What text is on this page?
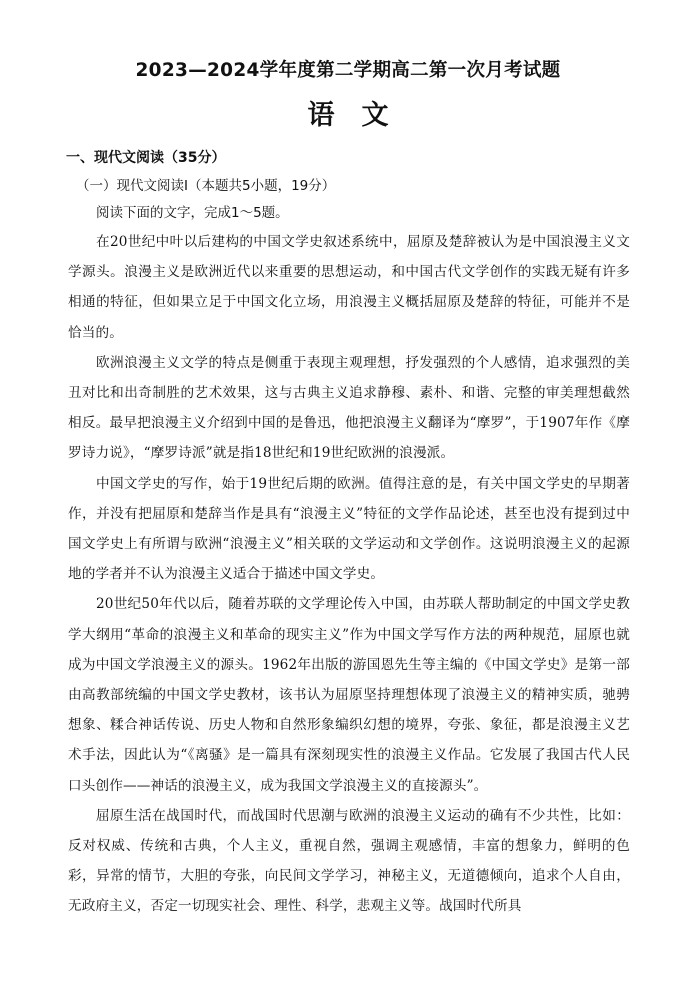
2023—2024学年度第二学期高二第一次月考试题
语　文
一、现代文阅读（35分）
（一）现代文阅读Ⅰ（本题共5小题，19分）
阅读下面的文字，完成1～5题。

在20世纪中叶以后建构的中国文学史叙述系统中，屈原及楚辞被认为是中国浪漫主义文学源头。浪漫主义是欧洲近代以来重要的思想运动，和中国古代文学创作的实践无疑有许多相通的特征，但如果立足于中国文化立场，用浪漫主义概括屈原及楚辞的特征，可能并不是恰当的。

欧洲浪漫主义文学的特点是侧重于表现主观理想，抒发强烈的个人感情，追求强烈的美丑对比和出奇制胜的艺术效果，这与古典主义追求静穆、素朴、和谐、完整的审美理想截然相反。最早把浪漫主义介绍到中国的是鲁迅，他把浪漫主义翻译为“摩罗”，于1907年作《摩罗诗力说》，“摩罗诗派”就是指18世纪和19世纪欧洲的浪漫派。

中国文学史的写作，始于19世纪后期的欧洲。值得注意的是，有关中国文学史的早期著作，并没有把屈原和楚辞当作是具有“浪漫主义”特征的文学作品论述，甚至也没有提到过中国文学史上有所谓与欧洲“浪漫主义”相关联的文学运动和文学创作。这说明浪漫主义的起源地的学者并不认为浪漫主义适合于描述中国文学史。

20世纪50年代以后，随着苏联的文学理论传入中国，由苏联人帮助制定的中国文学史教学大纲用“革命的浪漫主义和革命的现实主义”作为中国文学写作方法的两种规范，屈原也就成为中国文学浪漫主义的源头。1962年出版的游国恩先生等主编的《中国文学史》是第一部由高教部统编的中国文学史教材，该书认为屈原坚持理想体现了浪漫主义的精神实质，驰骋想象、糅合神话传说、历史人物和自然形象编织幻想的境界，夸张、象征，都是浪漫主义艺术手法，因此认为“《离骚》是一篇具有深刻现实性的浪漫主义作品。它发展了我国古代人民口头创作——神话的浪漫主义，成为我国文学浪漫主义的直接源头”。

屈原生活在战国时代，而战国时代思潮与欧洲的浪漫主义运动的确有不少共性，比如：反对权威、传统和古典，个人主义，重视自然，强调主观感情，丰富的想象力，鲜明的色彩，异常的情节，大胆的夸张，向民间文学学习，神秘主义，无道德倾向，追求个人自由，无政府主义，否定一切现实社会、理性、科学，悲观主义等。战国时代所具
